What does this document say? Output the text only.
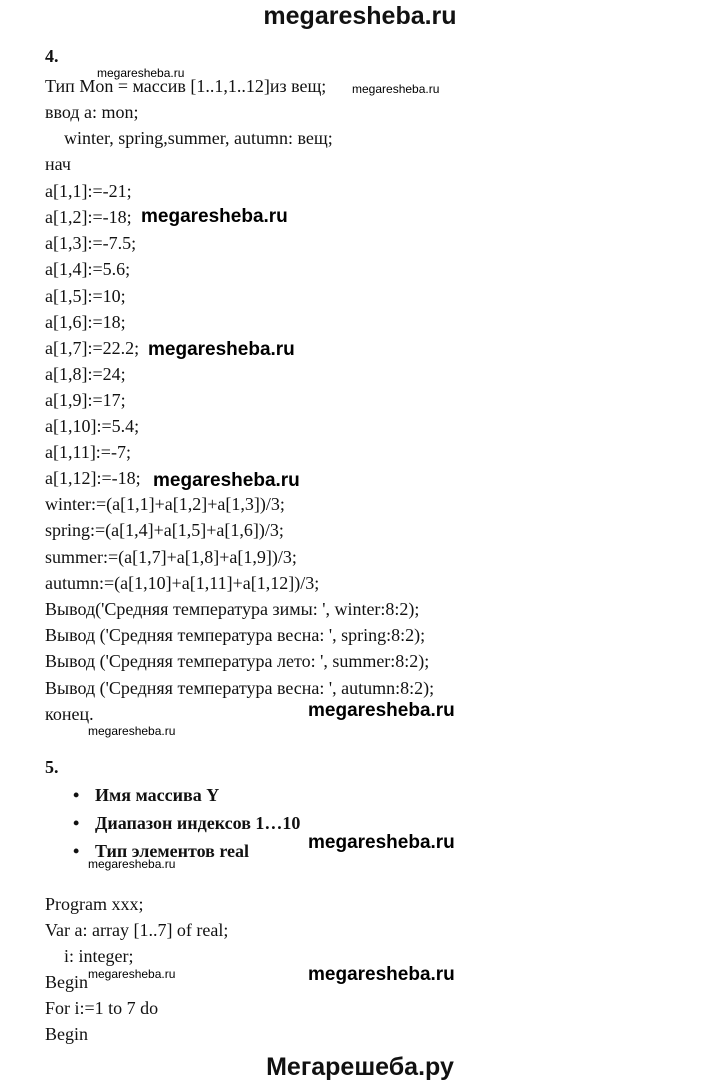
megaresheba.ru
4.
Тип Mon = массив [1..1,1..12]из вещ;
ввод а: mon;
winter, spring,summer, autumn: вещ;
нач
a[1,1]:=-21;
a[1,2]:=-18;
a[1,3]:=-7.5;
a[1,4]:=5.6;
a[1,5]:=10;
a[1,6]:=18;
a[1,7]:=22.2;
a[1,8]:=24;
a[1,9]:=17;
a[1,10]:=5.4;
a[1,11]:=-7;
a[1,12]:=-18;
winter:=(a[1,1]+a[1,2]+a[1,3])/3;
spring:=(a[1,4]+a[1,5]+a[1,6])/3;
summer:=(a[1,7]+a[1,8]+a[1,9])/3;
autumn:=(a[1,10]+a[1,11]+a[1,12])/3;
Вывод('Средняя температура зимы: ', winter:8:2);
Вывод ('Средняя температура весна: ', spring:8:2);
Вывод ('Средняя температура лето: ', summer:8:2);
Вывод ('Средняя температура весна: ', autumn:8:2);
конец.
5.
• Имя массива Y
• Диапазон индексов 1…10
• Тип элементов real
Program xxx;
Var a: array [1..7] of real;
i: integer;
Begin
For i:=1 to 7 do
Begin
megaresheba.ru
megaresheba.ru
megaresheba.ru
megaresheba.ru
megaresheba.ru
megaresheba.ru
megaresheba.ru
megaresheba.ru
megaresheba.ru
megaresheba.ru
megaresheba.ru
Мегарешеба.ру
